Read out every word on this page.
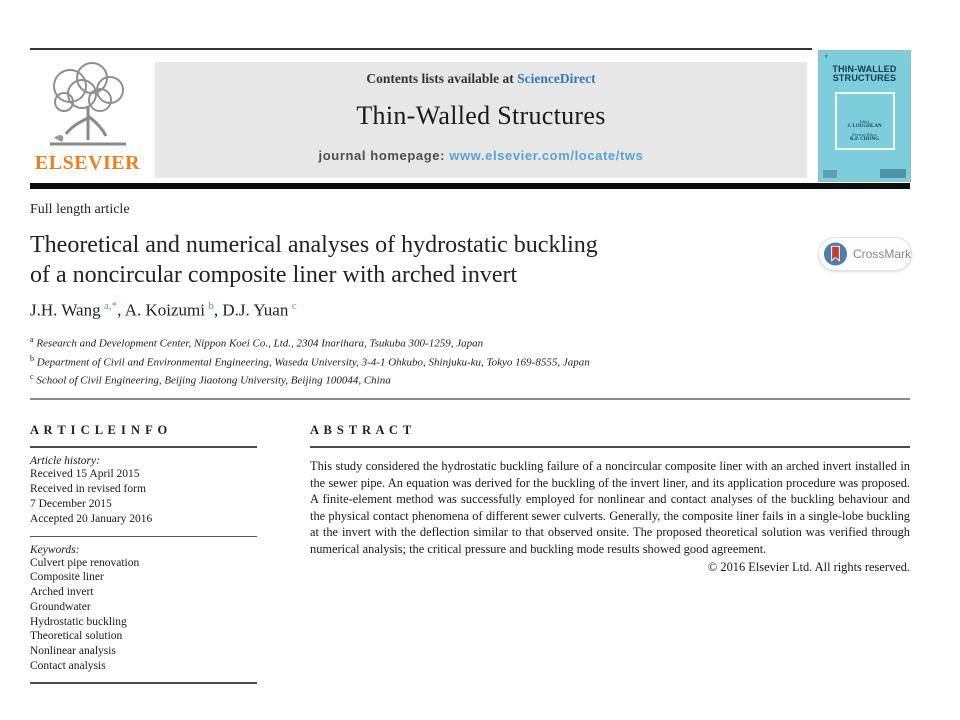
ELSEVIER
Contents lists available at ScienceDirect
Thin-Walled Structures
journal homepage: www.elsevier.com/locate/tws
⚜
THIN-WALLED
STRUCTURES
Editor
J. LOUGHLAN
Reviews Editor
K.P. CHONG
Full length article
Theoretical and numerical analyses of hydrostatic buckling
of a noncircular composite liner with arched invert
CrossMark
J.H. Wang  $^{a,*}$, A. Koizumi  $^b$, D.J. Yuan  $^c$
$^a$ Research and Development Center, Nippon Koei Co., Ltd., 2304 Inarihara, Tsukuba 300-1259, Japan
$^b$ Department of Civil and Environmental Engineering, Waseda University, 3-4-1 Ohkubo, Shinjuku-ku, Tokyo 169-8555, Japan
$^c$ School of Civil Engineering, Beijing Jiaotong University, Beijing 100044, China
A R T I C L E I N F O
Article history:
Received 15 April 2015
Received in revised form
7 December 2015
Accepted 20 January 2016
Keywords:
Culvert pipe renovation
Composite liner
Arched invert
Groundwater
Hydrostatic buckling
Theoretical solution
Nonlinear analysis
Contact analysis
A B S T R A C T
This study considered the hydrostatic buckling failure of a noncircular composite liner with an arched invert installed in the sewer pipe. An equation was derived for the buckling of the invert liner, and its application procedure was proposed. A finite-element method was successfully employed for nonlinear and contact analyses of the buckling behaviour and the physical contact phenomena of different sewer culverts. Generally, the composite liner fails in a single-lobe buckling at the invert with the deflection similar to that observed onsite. The proposed theoretical solution was verified through numerical analysis; the critical pressure and buckling mode results showed good agreement.
© 2016 Elsevier Ltd. All rights reserved.
